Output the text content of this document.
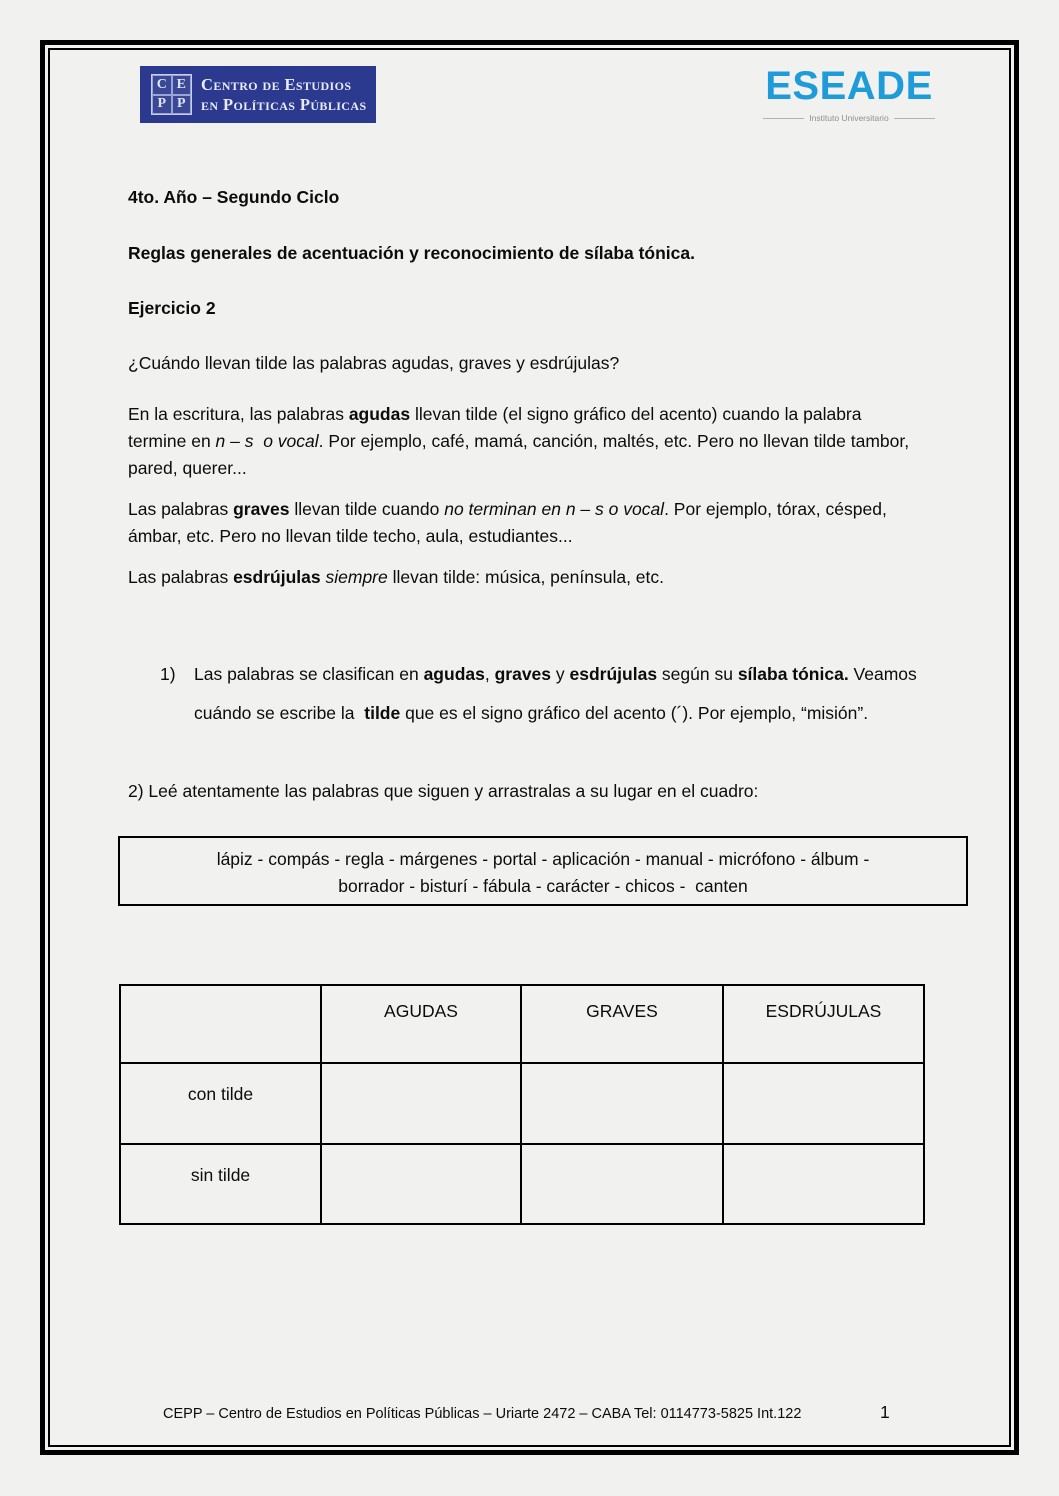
C E
P P
Centro de Estudios
en Políticas Públicas	ESEADE
Instituto Universitario
4to. Año – Segundo Ciclo
Reglas generales de acentuación y reconocimiento de sílaba tónica.
Ejercicio 2
¿Cuándo llevan tilde las palabras agudas, graves y esdrújulas?
En la escritura, las palabras agudas llevan tilde (el signo gráfico del acento) cuando la palabra termine en n – s  o vocal. Por ejemplo, café, mamá, canción, maltés, etc. Pero no llevan tilde tambor, pared, querer...
Las palabras graves llevan tilde cuando no terminan en n – s o vocal. Por ejemplo, tórax, césped, ámbar, etc. Pero no llevan tilde techo, aula, estudiantes...
Las palabras esdrújulas siempre llevan tilde: música, península, etc.
1)	Las palabras se clasifican en agudas, graves y esdrújulas según su sílaba tónica. Veamos cuándo se escribe la  tilde que es el signo gráfico del acento (´). Por ejemplo, “misión”.
2) Leé atentamente las palabras que siguen y arrastralas a su lugar en el cuadro:
lápiz - compás - regla - márgenes - portal - aplicación - manual - micrófono - álbum -
borrador - bisturí - fábula - carácter - chicos -  canten
	AGUDAS	GRAVES	ESDRÚJULAS
con tilde			
sin tilde			
CEPP – Centro de Estudios en Políticas Públicas – Uriarte 2472 – CABA Tel: 0114773-5825 Int.122	1
